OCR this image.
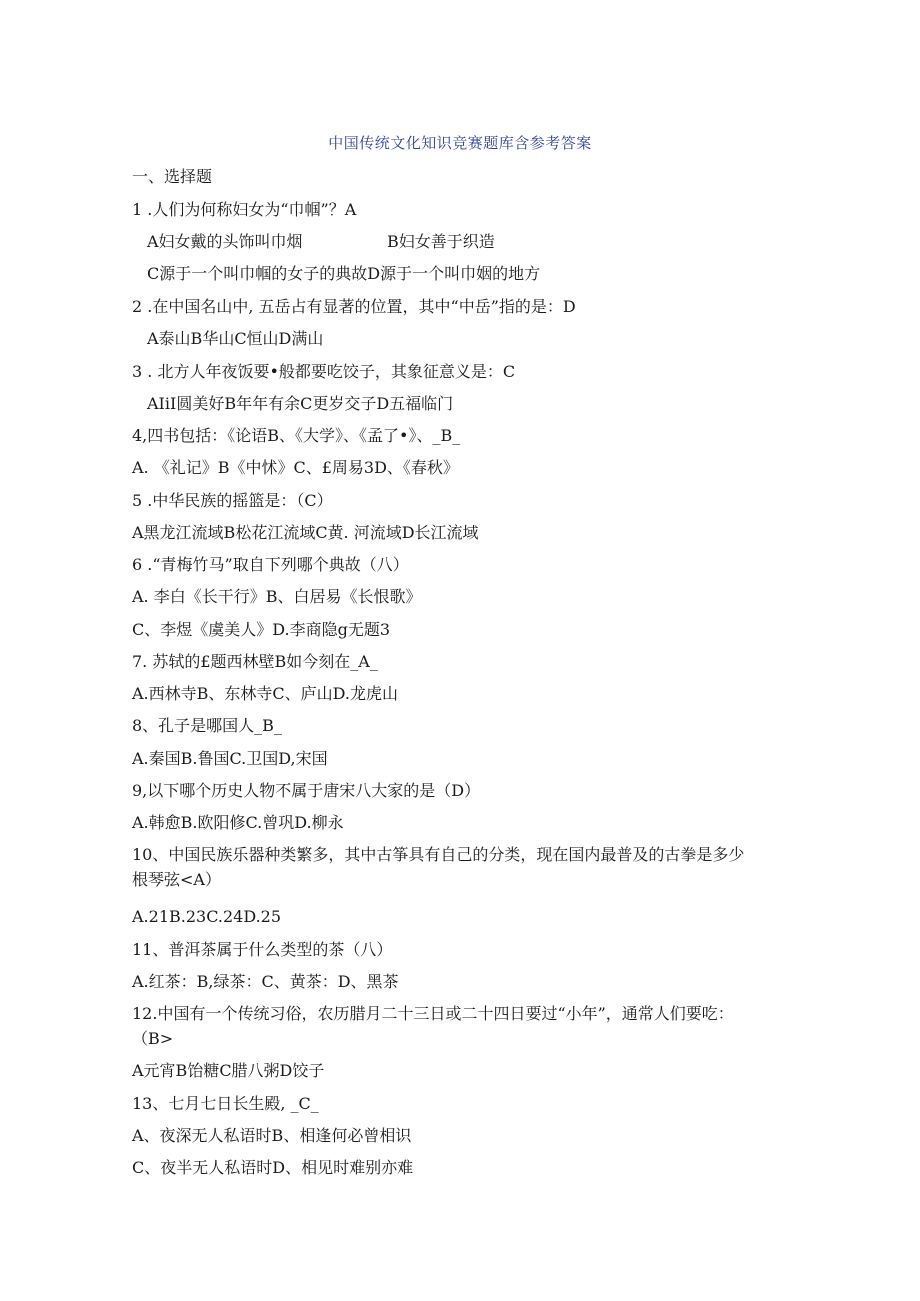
中国传统文化知识竞赛题库含参考答案
一、选择题
1 .人们为何称妇女为“巾帼”？A
A妇女戴的头饰叫巾烟	B妇女善于织造
C源于一个叫巾帼的女子的典故D源于一个叫巾姻的地方
2 .在中国名山中, 五岳占有显著的位置，其中“中岳”指的是：D
A泰山B华山C恒山D满山
3 . 北方人年夜饭要•般都要吃饺子，其象征意义是：C
AIiI圆美好B年年有余C更岁交子D五福临门
4,四书包括：《论语B、《大学》、《孟了•》、_B_
A. 《礼记》B《中怵》C、£周易3D、《春秋》
5 .中华民族的摇篮是：（C）
A黑龙江流域B松花江流域C黄. 河流域D长江流域
6 .“青梅竹马”取自下列哪个典故（八）
A. 李白《长干行》B、白居易《长恨歌》
C、李煜《虞美人》D.李商隐g无题3
7. 苏轼的£题西林壁B如今刻在_A_
A.西林寺B、东林寺C、庐山D.龙虎山
8、孔子是哪国人_B_
A.秦国B.鲁国C.卫国D,宋国
9,以下哪个历史人物不属于唐宋八大家的是（D）
A.韩愈B.欧阳修C.曾巩D.柳永
10、中国民族乐器种类繁多，其中古筝具有自己的分类，现在国内最普及的古拳是多少
根琴弦<A）
A.21B.23C.24D.25
11、普洱茶属于什么类型的茶（八）
A.红茶：B,绿茶：C、黄茶：D、黑茶
12.中国有一个传统习俗，农历腊月二十三日或二十四日要过“小年”，通常人们要吃：
（B>
A元宵B饴糖C腊八粥D饺子
13、七月七日长生殿, _C_
A、夜深无人私语时B、相逢何必曾相识
C、夜半无人私语时D、相见时难别亦难
